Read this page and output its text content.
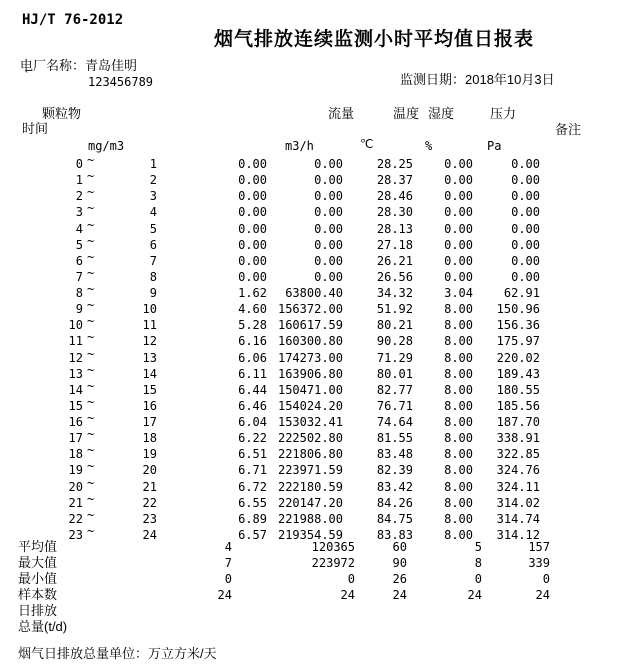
HJ/T 76-2012
烟气排放连续监测小时平均值日报表
电厂名称：青岛佳明
`	123456789	监测日期：2018年10月3日
颗粒物
时间
流量	温度 湿度	压力
备注
mg/m3	m3/h	℃	%	Pa
0	1	0.00	0.00	28.25	0.00	0.00
~
1	2	0.00	0.00	28.37	0.00	0.00
~
2	3	0.00	0.00	28.46	0.00	0.00
~
3	4	0.00	0.00	28.30	0.00	0.00
~
4	5	0.00	0.00	28.13	0.00	0.00
~
5	6	0.00	0.00	27.18	0.00	0.00
~
6	7	0.00	0.00	26.21	0.00	0.00
~
7	8	0.00	0.00	26.56	0.00	0.00
~
8	9	1.62	63800.40	34.32	3.04	62.91
~
9	10	4.60 156372.00	51.92	8.00	150.96
~
10	11	5.28 160617.59	80.21	8.00	156.36
~
11	12	6.16 160300.80	90.28	8.00	175.97
~
12	13	6.06 174273.00	71.29	8.00	220.02
~
13	14	6.11 163906.80	80.01	8.00	189.43
~
14	15	6.44 150471.00	82.77	8.00	180.55
~
15	16	6.46 154024.20	76.71	8.00	185.56
~
16	17	6.04 153032.41	74.64	8.00	187.70
~
17	18	6.22 222502.80	81.55	8.00	338.91
~
18	19	6.51 221806.80	83.48	8.00	322.85
~
19	20	6.71 223971.59	82.39	8.00	324.76
~
20	21	6.72 222180.59	83.42	8.00	324.11
~
21	22	6.55 220147.20	84.26	8.00	314.02
~
22	23	6.89 221988.00	84.75	8.00	314.74
~
23	24	6.57 219354.59	83.83	8.00	314.12
~
平均值	4	120365	60	5	157
最大值	7	223972	90	8	339
最小值	0	0	26	0	0
样本数	24	24	24	24	24
日排放
总量(t/d)
烟气日排放总量单位：万立方米/天
